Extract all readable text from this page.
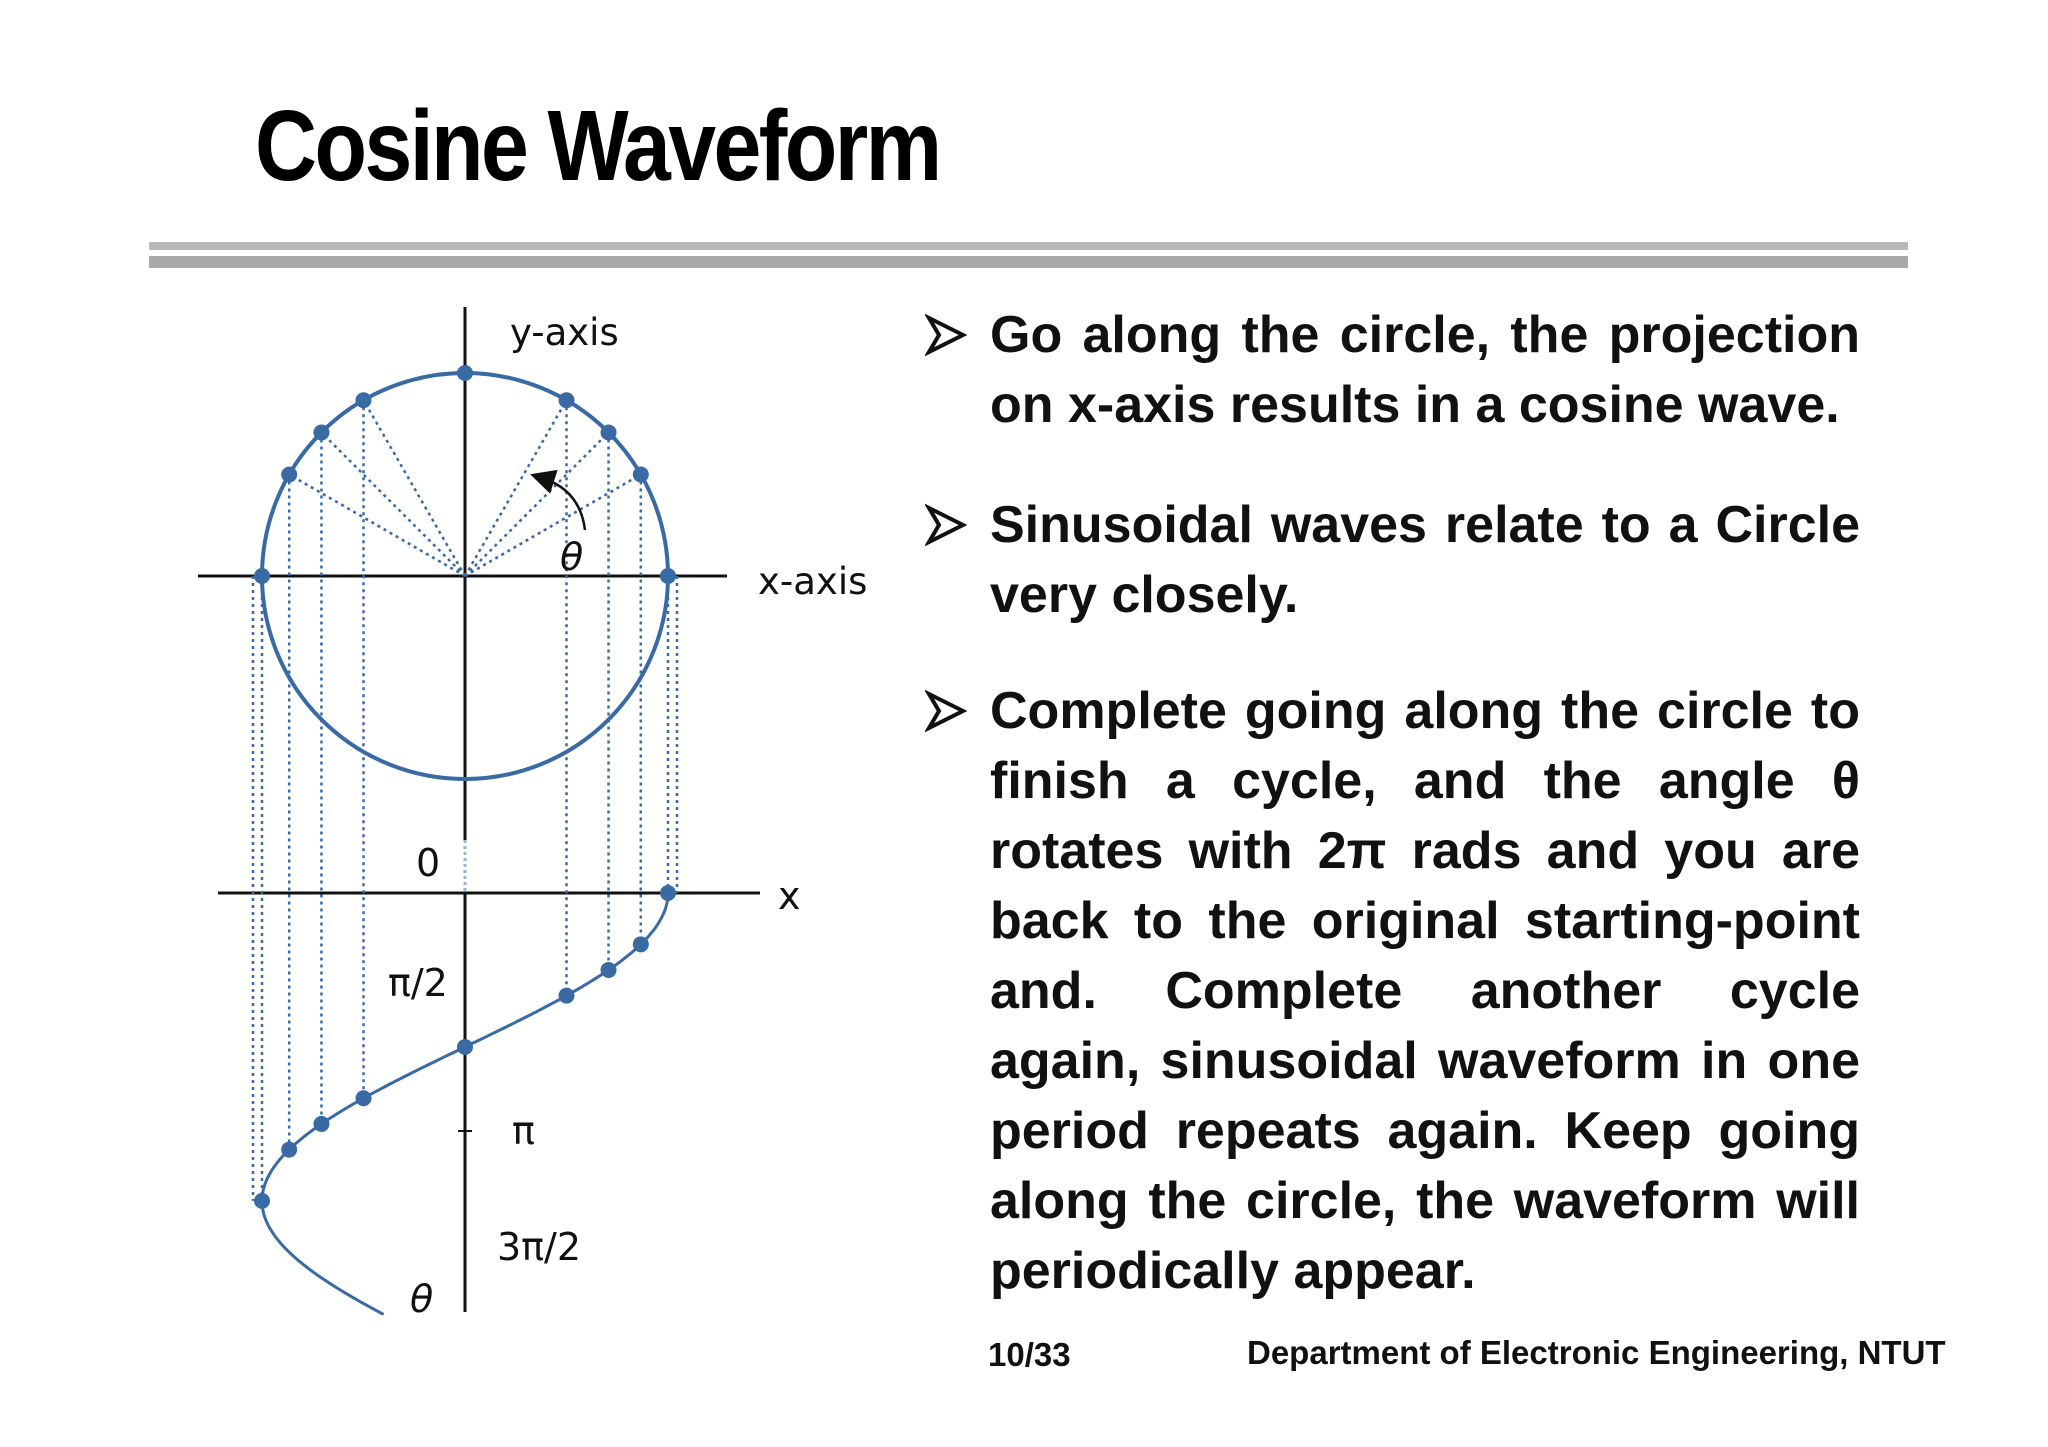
Cosine Waveform
y-axis
x-axis
θ
0
x
θ
π/2
π
3π/2

Go along the circle, the projection on x-axis results in a cosine wave.

Sinusoidal waves relate to a Circle very closely.

Complete going along the circle to finish a cycle, and the angle θ rotates with 2π rads and you are back to the original starting-point and. Complete another cycle again, sinusoidal waveform in one period repeats again. Keep going along the circle, the waveform will periodically appear.

10/33	Department of Electronic Engineering, NTUT
